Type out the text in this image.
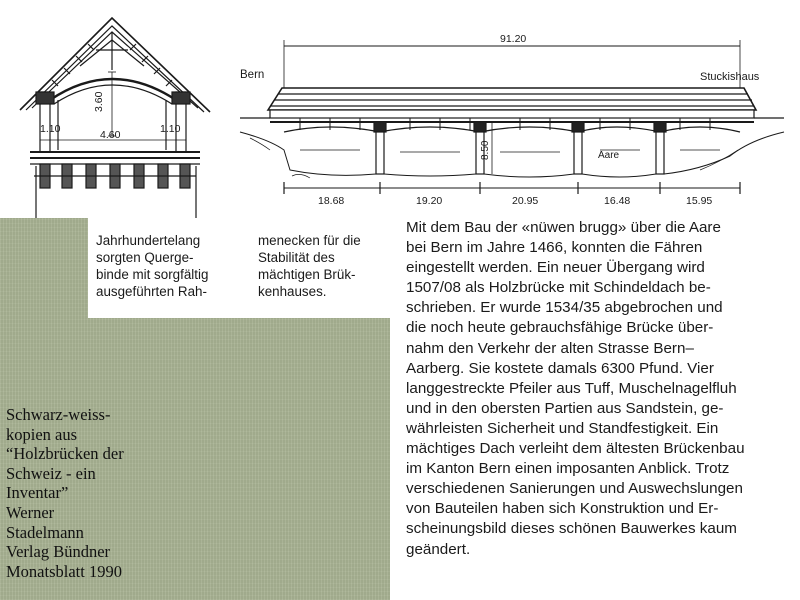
3.60
1.10	4.60	1.10
91.20
Bern	Stuckishaus
Aare
8.50
18.68	19.20	20.95	16.48	15.95

Jahrhundertelang
sorgten Querge-
binde mit sorgfältig
ausgeführten Rah-

menecken für die
Stabilität des
mächtigen Brük-
kenhauses.

Mit dem Bau der «nüwen brugg» über die Aare
bei Bern im Jahre 1466, konnten die Fähren
eingestellt werden. Ein neuer Übergang wird
1507/08 als Holzbrücke mit Schindeldach be-
schrieben. Er wurde 1534/35 abgebrochen und
die noch heute gebrauchsfähige Brücke über-
nahm den Verkehr der alten Strasse Bern–
Aarberg. Sie kostete damals 6300 Pfund. Vier
langgestreckte Pfeiler aus Tuff, Muschelnagelfluh
und in den obersten Partien aus Sandstein, ge-
währleisten Sicherheit und Standfestigkeit. Ein
mächtiges Dach verleiht dem ältesten Brückenbau
im Kanton Bern einen imposanten Anblick. Trotz
verschiedenen Sanierungen und Auswechslungen
von Bauteilen haben sich Konstruktion und Er-
scheinungsbild dieses schönen Bauwerkes kaum
geändert.

Schwarz-weiss-
kopien aus
“Holzbrücken der
Schweiz - ein
Inventar”
Werner
Stadelmann
Verlag Bündner
Monatsblatt 1990
